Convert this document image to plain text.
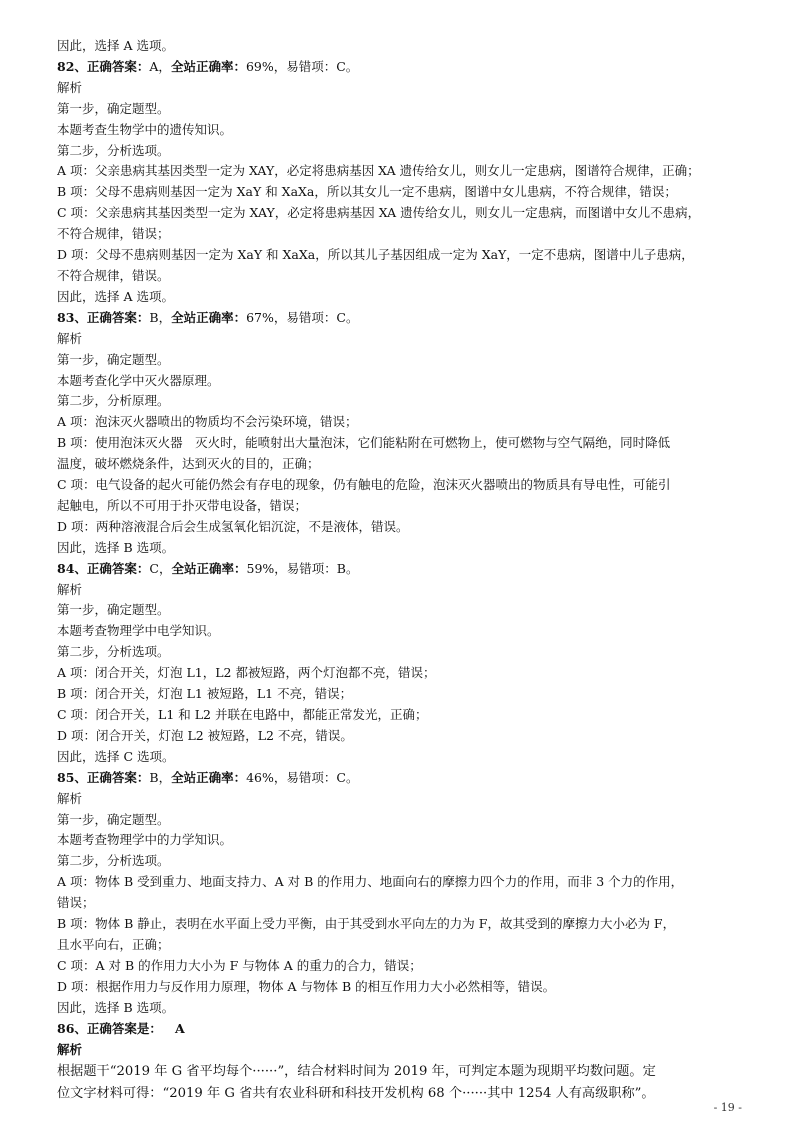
因此，选择 A 选项。
82、正确答案：A，全站正确率：69%，易错项：C。
解析
第一步，确定题型。
本题考查生物学中的遗传知识。
第二步，分析选项。
A 项：父亲患病其基因类型一定为 XAY，必定将患病基因 XA 遗传给女儿，则女儿一定患病，图谱符合规律，正确；
B 项：父母不患病则基因一定为 XaY 和 XaXa，所以其女儿一定不患病，图谱中女儿患病，不符合规律，错误；
C 项：父亲患病其基因类型一定为 XAY，必定将患病基因 XA 遗传给女儿，则女儿一定患病，而图谱中女儿不患病，
不符合规律，错误；
D 项：父母不患病则基因一定为 XaY 和 XaXa，所以其儿子基因组成一定为 XaY，一定不患病，图谱中儿子患病，
不符合规律，错误。
因此，选择 A 选项。
83、正确答案：B，全站正确率：67%，易错项：C。
解析
第一步，确定题型。
本题考查化学中灭火器原理。
第二步，分析原理。
A 项：泡沫灭火器喷出的物质均不会污染环境，错误；
B 项：使用泡沫灭火器　灭火时，能喷射出大量泡沫，它们能粘附在可燃物上，使可燃物与空气隔绝，同时降低
温度，破坏燃烧条件，达到灭火的目的，正确；
C 项：电气设备的起火可能仍然会有存电的现象，仍有触电的危险，泡沫灭火器喷出的物质具有导电性，可能引
起触电，所以不可用于扑灭带电设备，错误；
D 项：两种溶液混合后会生成氢氧化铝沉淀，不是液体，错误。
因此，选择 B 选项。
84、正确答案：C，全站正确率：59%，易错项：B。
解析
第一步，确定题型。
本题考查物理学中电学知识。
第二步，分析选项。
A 项：闭合开关，灯泡 L1，L2 都被短路，两个灯泡都不亮，错误；
B 项：闭合开关，灯泡 L1 被短路，L1 不亮，错误；
C 项：闭合开关，L1 和 L2 并联在电路中，都能正常发光，正确；
D 项：闭合开关，灯泡 L2 被短路，L2 不亮，错误。
因此，选择 C 选项。
85、正确答案：B，全站正确率：46%，易错项：C。
解析
第一步，确定题型。
本题考查物理学中的力学知识。
第二步，分析选项。
A 项：物体 B 受到重力、地面支持力、A 对 B 的作用力、地面向右的摩擦力四个力的作用，而非 3 个力的作用，
错误；
B 项：物体 B 静止，表明在水平面上受力平衡，由于其受到水平向左的力为 F，故其受到的摩擦力大小必为 F，
且水平向右，正确；
C 项：A 对 B 的作用力大小为 F 与物体 A 的重力的合力，错误；
D 项：根据作用力与反作用力原理，物体 A 与物体 B 的相互作用力大小必然相等，错误。
因此，选择 B 选项。
86、正确答案是： A
解析
根据题干“2019 年 G 省平均每个······”，结合材料时间为 2019 年，可判定本题为现期平均数问题。定
位文字材料可得：“2019 年 G 省共有农业科研和科技开发机构 68 个······其中 1254 人有高级职称”。
- 19 -
